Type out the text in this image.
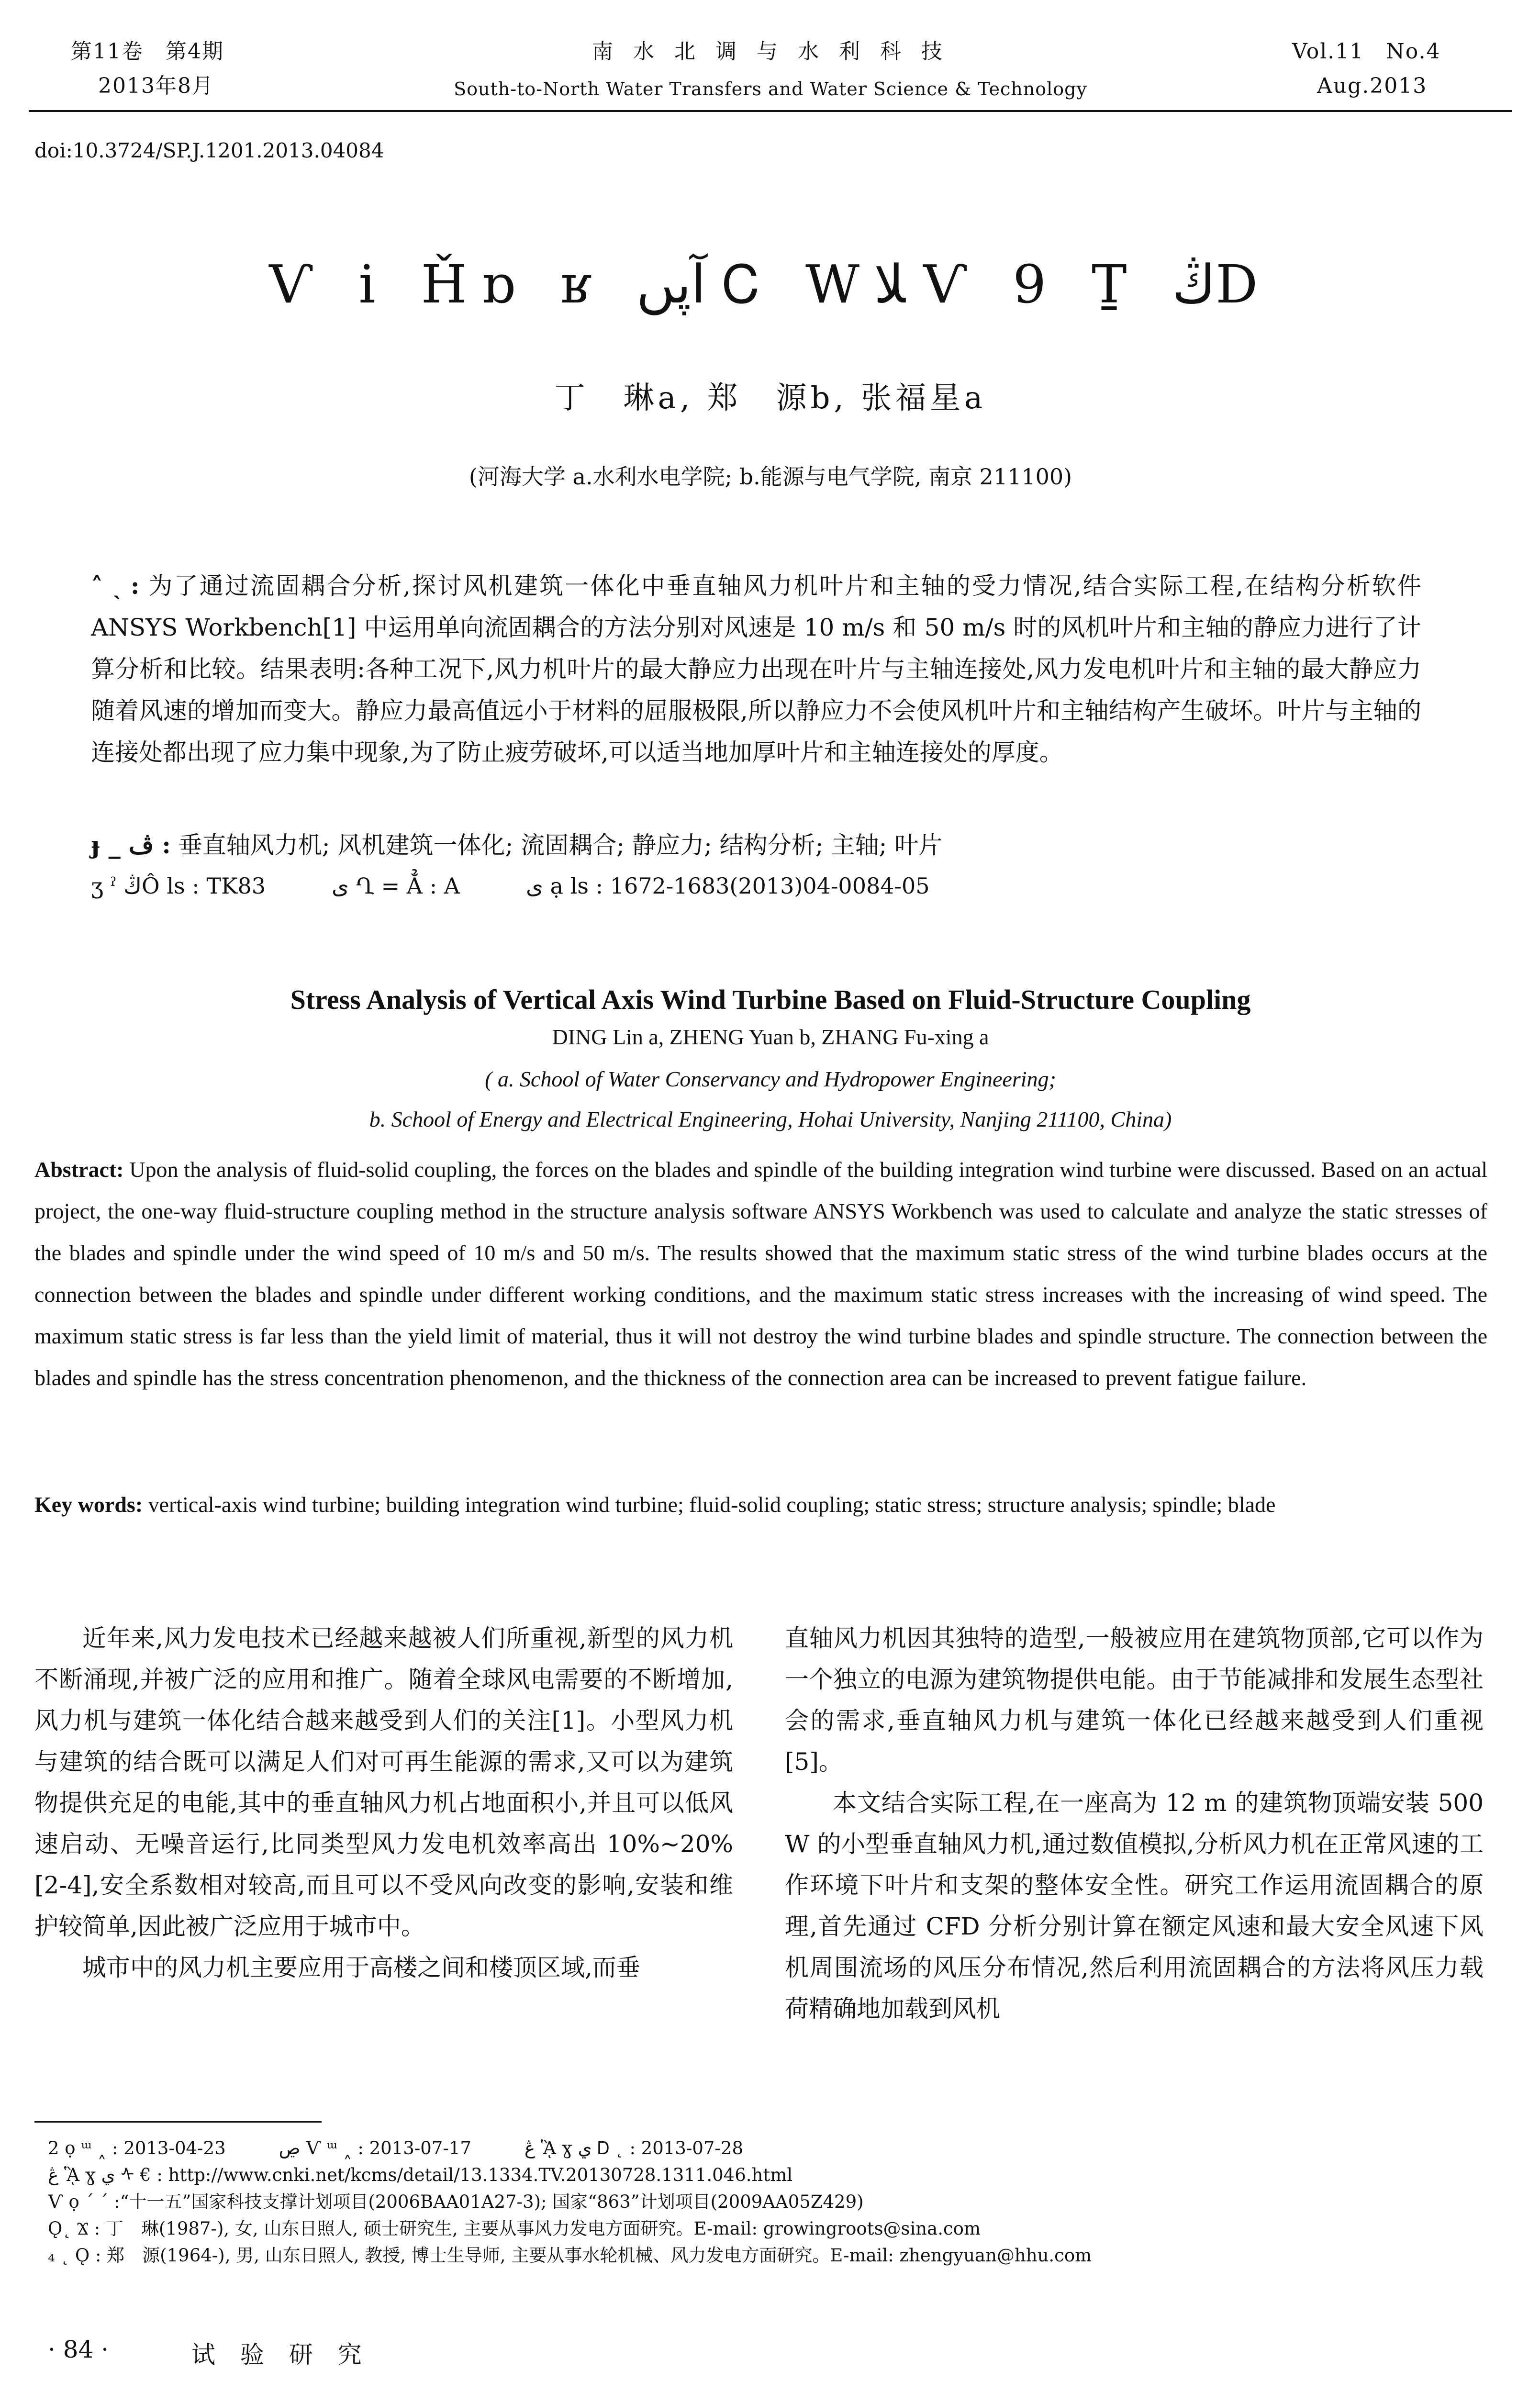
第11卷　第4期
2013年8月
南 水 北 调 与 水 利 科 技
South-to-North Water Transfers and Water Science & Technology
Vol.11　No.4
Aug.2013
doi:10.3724/SP.J.1201.2013.04084
Ѵ i Ȟɒ ʁ ﺁپں Ꮯ Wﻼ Ѵ 9 Ṯ ڭD
丁　琳a, 郑　源b, 张福星a
(河海大学 a.水利水电学院; b.能源与电气学院, 南京 211100)
˄ ˎ : 为了通过流固耦合分析,探讨风机建筑一体化中垂直轴风力机叶片和主轴的受力情况,结合实际工程,在结构分析软件 ANSYS Workbench[1] 中运用单向流固耦合的方法分别对风速是 10 m/s 和 50 m/s 时的风机叶片和主轴的静应力进行了计算分析和比较。结果表明:各种工况下,风力机叶片的最大静应力出现在叶片与主轴连接处,风力发电机叶片和主轴的最大静应力随着风速的增加而变大。静应力最高值远小于材料的屈服极限,所以静应力不会使风机叶片和主轴结构产生破坏。叶片与主轴的连接处都出现了应力集中现象,为了防止疲劳破坏,可以适当地加厚叶片和主轴连接处的厚度。
ɟ _ ڤ : 垂直轴风力机; 风机建筑一体化; 流固耦合; 静应力; 结构分析; 主轴; 叶片
ʒ ˀ ڭÔ ls : TK83　　　ى Ղ = Ẳ : A　　　ى ạ ls : 1672-1683(2013)04-0084-05
Stress Analysis of Vertical Axis Wind Turbine Based on Fluid-Structure Coupling
DING Lin a, ZHENG Yuan b, ZHANG Fu-xing a
( a. School of Water Conservancy and Hydropower Engineering;
b. School of Energy and Electrical Engineering, Hohai University, Nanjing 211100, China)
Abstract: Upon the analysis of fluid-solid coupling, the forces on the blades and spindle of the building integration wind turbine were discussed. Based on an actual project, the one-way fluid-structure coupling method in the structure analysis software ANSYS Workbench was used to calculate and analyze the static stresses of the blades and spindle under the wind speed of 10 m/s and 50 m/s. The results showed that the maximum static stress of the wind turbine blades occurs at the connection between the blades and spindle under different working conditions, and the maximum static stress increases with the increasing of wind speed. The maximum static stress is far less than the yield limit of material, thus it will not destroy the wind turbine blades and spindle structure. The connection between the blades and spindle has the stress concentration phenomenon, and the thickness of the connection area can be increased to prevent fatigue failure.
Key words: vertical-axis wind turbine; building integration wind turbine; fluid-solid coupling; static stress; structure analysis; spindle; blade

近年来,风力发电技术已经越来越被人们所重视,新型的风力机不断涌现,并被广泛的应用和推广。随着全球风电需要的不断增加,风力机与建筑一体化结合越来越受到人们的关注[1]。小型风力机与建筑的结合既可以满足人们对可再生能源的需求,又可以为建筑物提供充足的电能,其中的垂直轴风力机占地面积小,并且可以低风速启动、无噪音运行,比同类型风力发电机效率高出 10%~20%[2-4],安全系数相对较高,而且可以不受风向改变的影响,安装和维护较简单,因此被广泛应用于城市中。

城市中的风力机主要应用于高楼之间和楼顶区域,而垂

直轴风力机因其独特的造型,一般被应用在建筑物顶部,它可以作为一个独立的电源为建筑物提供电能。由于节能减排和发展生态型社会的需求,垂直轴风力机与建筑一体化已经越来越受到人们重视[5]。

本文结合实际工程,在一座高为 12 m 的建筑物顶端安装 500 W 的小型垂直轴风力机,通过数值模拟,分析风力机在正常风速的工作环境下叶片和支架的整体安全性。研究工作运用流固耦合的原理,首先通过 CFD 分析分别计算在额定风速和最大安全风速下风机周围流场的风压分布情况,然后利用流固耦合的方法将风压力载荷精确地加载到风机

2 ọ ᵚ ˰ : 2013-04-23　　　ڝ Ѵ ᵚ ˰ : 2013-07-17　　　ڠ ᾋ ɣ ي Ꭰ ˛ : 2013-07-28
ڠ ᾋ ɣ ي ᠰ € : http://www.cnki.net/kcms/detail/13.1334.TV.20130728.1311.046.html
Ѵ ọ ´ ˊ :“十一五”国家科技支撑计划项目(2006BAA01A27-3); 国家“863”计划项目(2009AA05Z429)
Ǫ˛ Ϫ : 丁　琳(1987-), 女, 山东日照人, 硕士研究生, 主要从事风力发电方面研究。E-mail: growingroots@sina.com
₄ ˛ Ǫ : 郑　源(1964-), 男, 山东日照人, 教授, 博士生导师, 主要从事水轮机械、风力发电方面研究。E-mail: zhengyuan@hhu.com
· 84 ·	试 验 研 究
